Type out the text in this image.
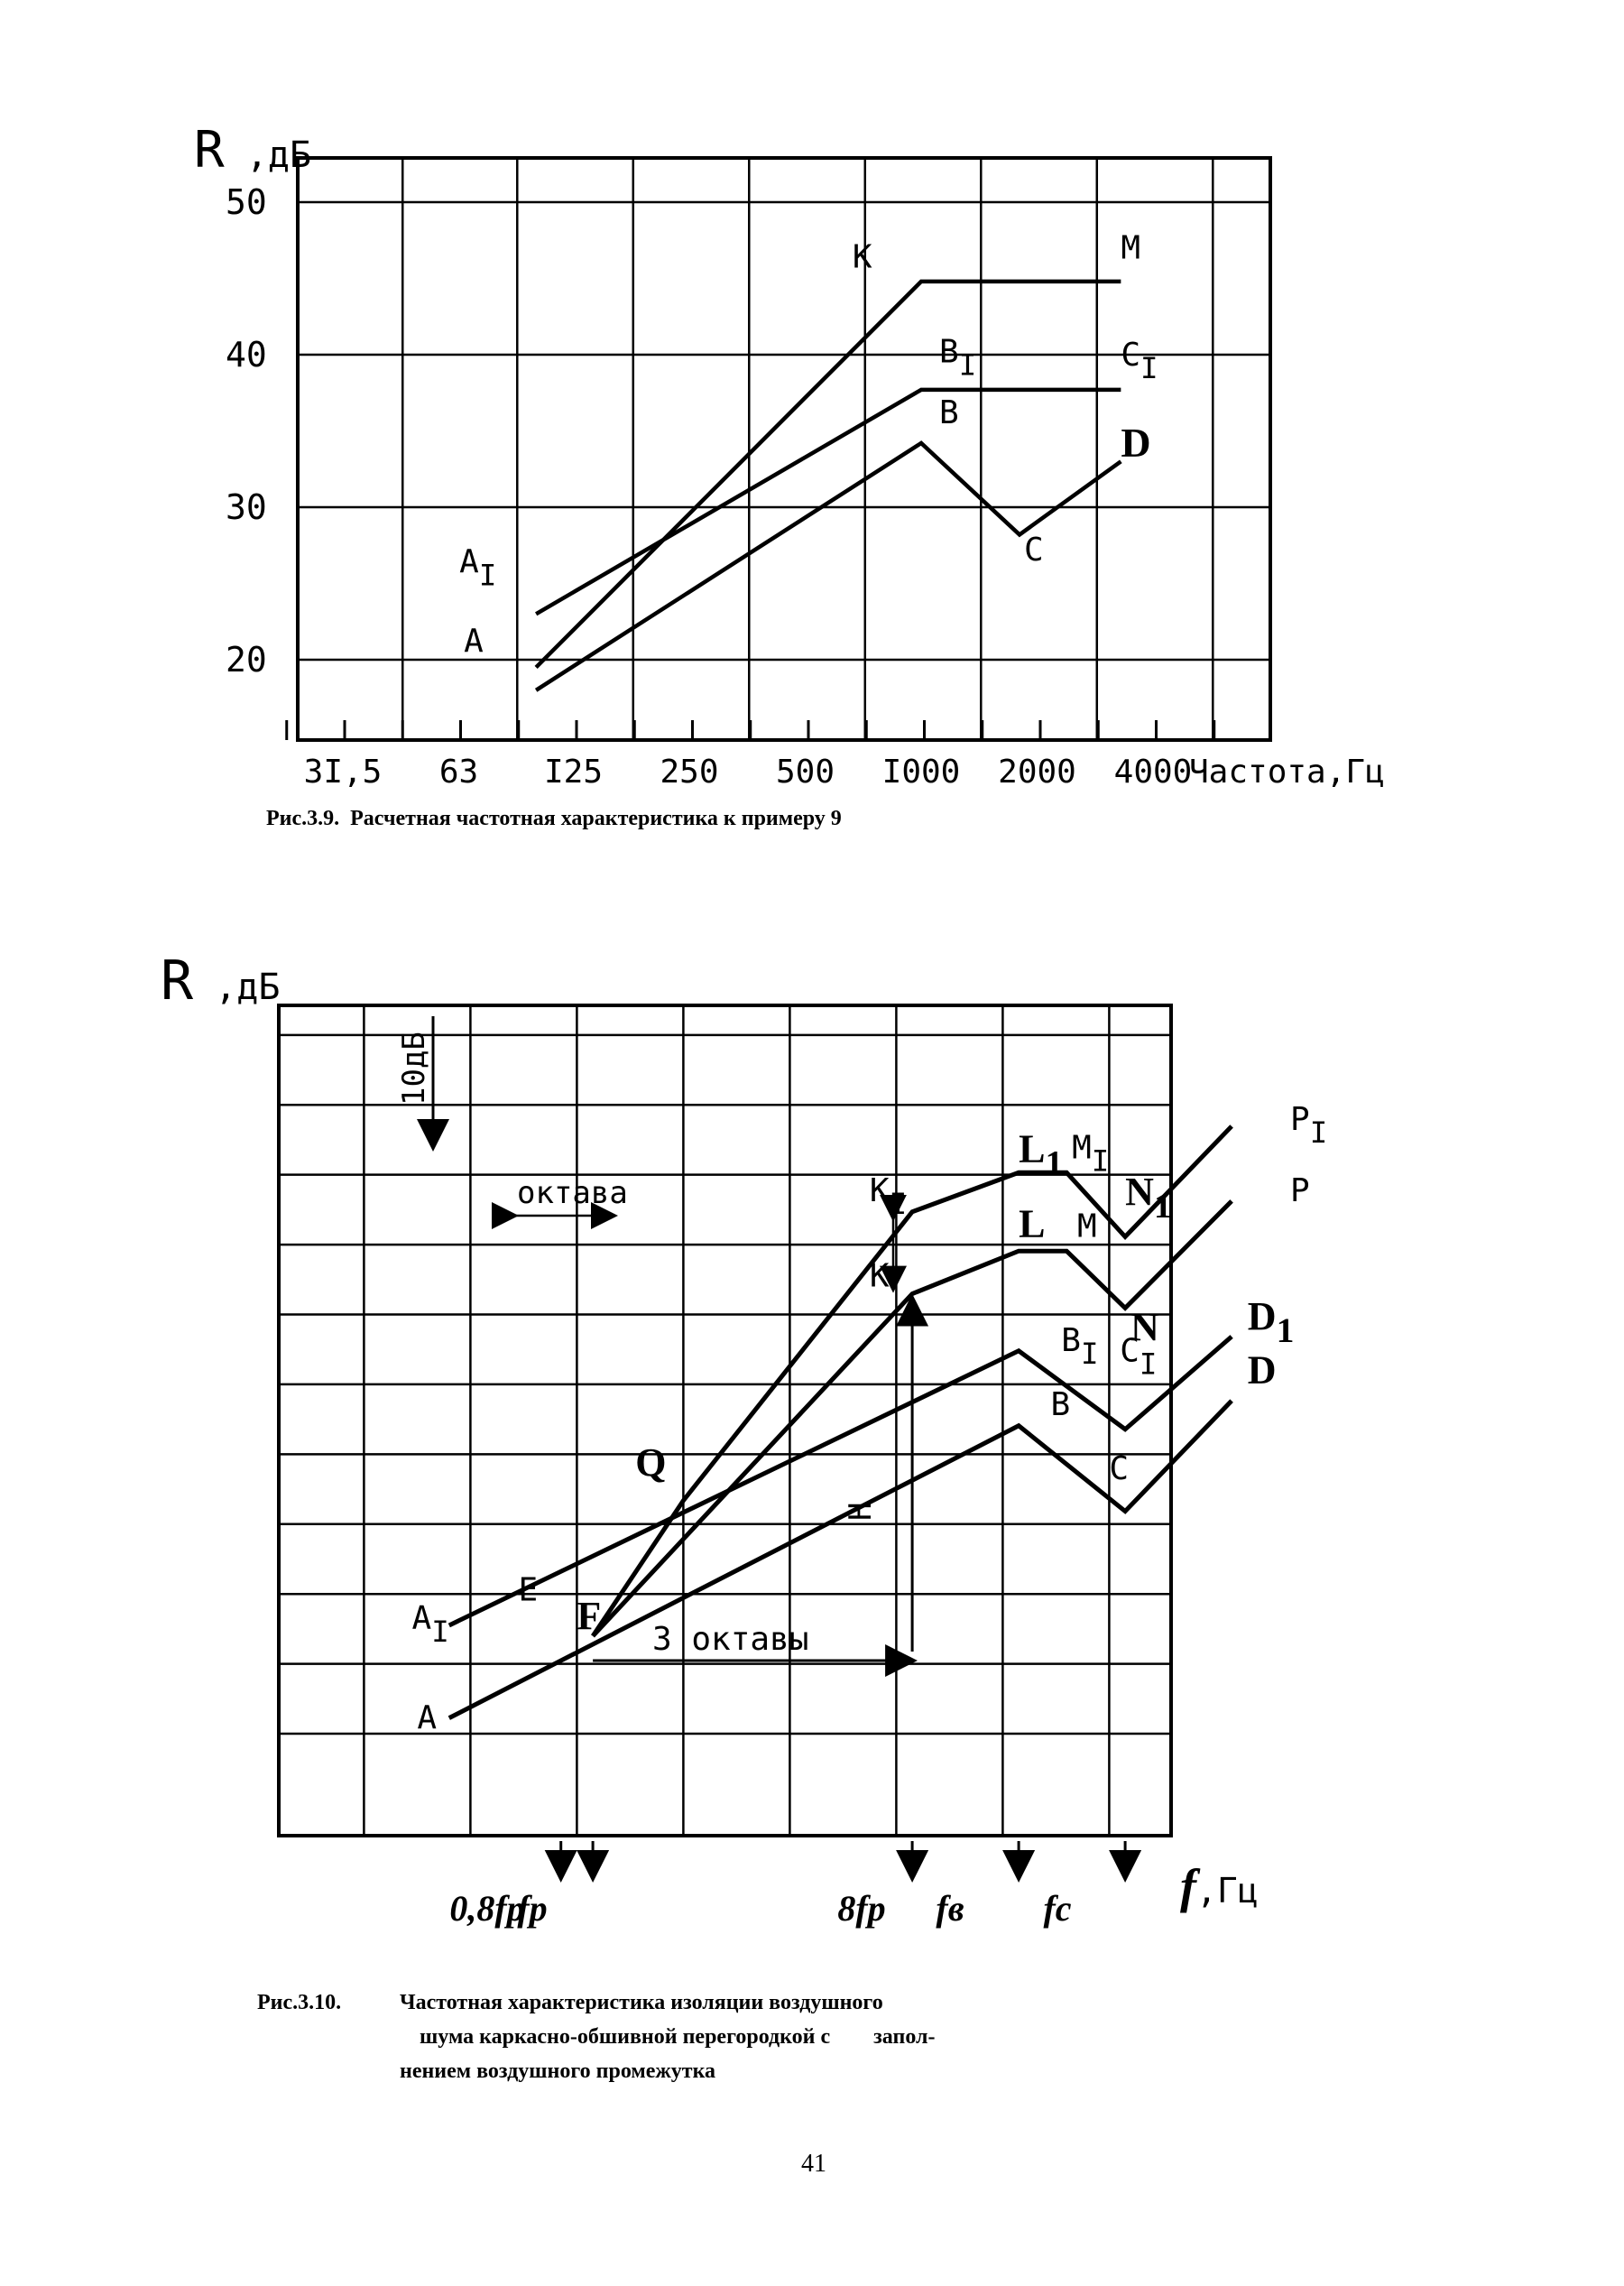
A
B
C
D
AI
BI	CI
K	M
50
40
30
20
3I,5 63 I25 250 500 I000 2000 4000
R ,дБ
Частота,Гц
A
B
C
D
AI
BI CI
D1
E
F
K
L M
N
P
Q
KI
L1 MI
N1
PI
10дБ
октава
3 октавы
H
0,8fр
fр	8fр fв fc
R ,дБ
f,Гц
Рис.3.9. Расчетная частотная характеристика к примеру 9
Рис.3.10.	Частотная характеристика изоляции воздушного
шума каркасно-обшивной перегородкой с        запол-
нением воздушного промежутка
41
